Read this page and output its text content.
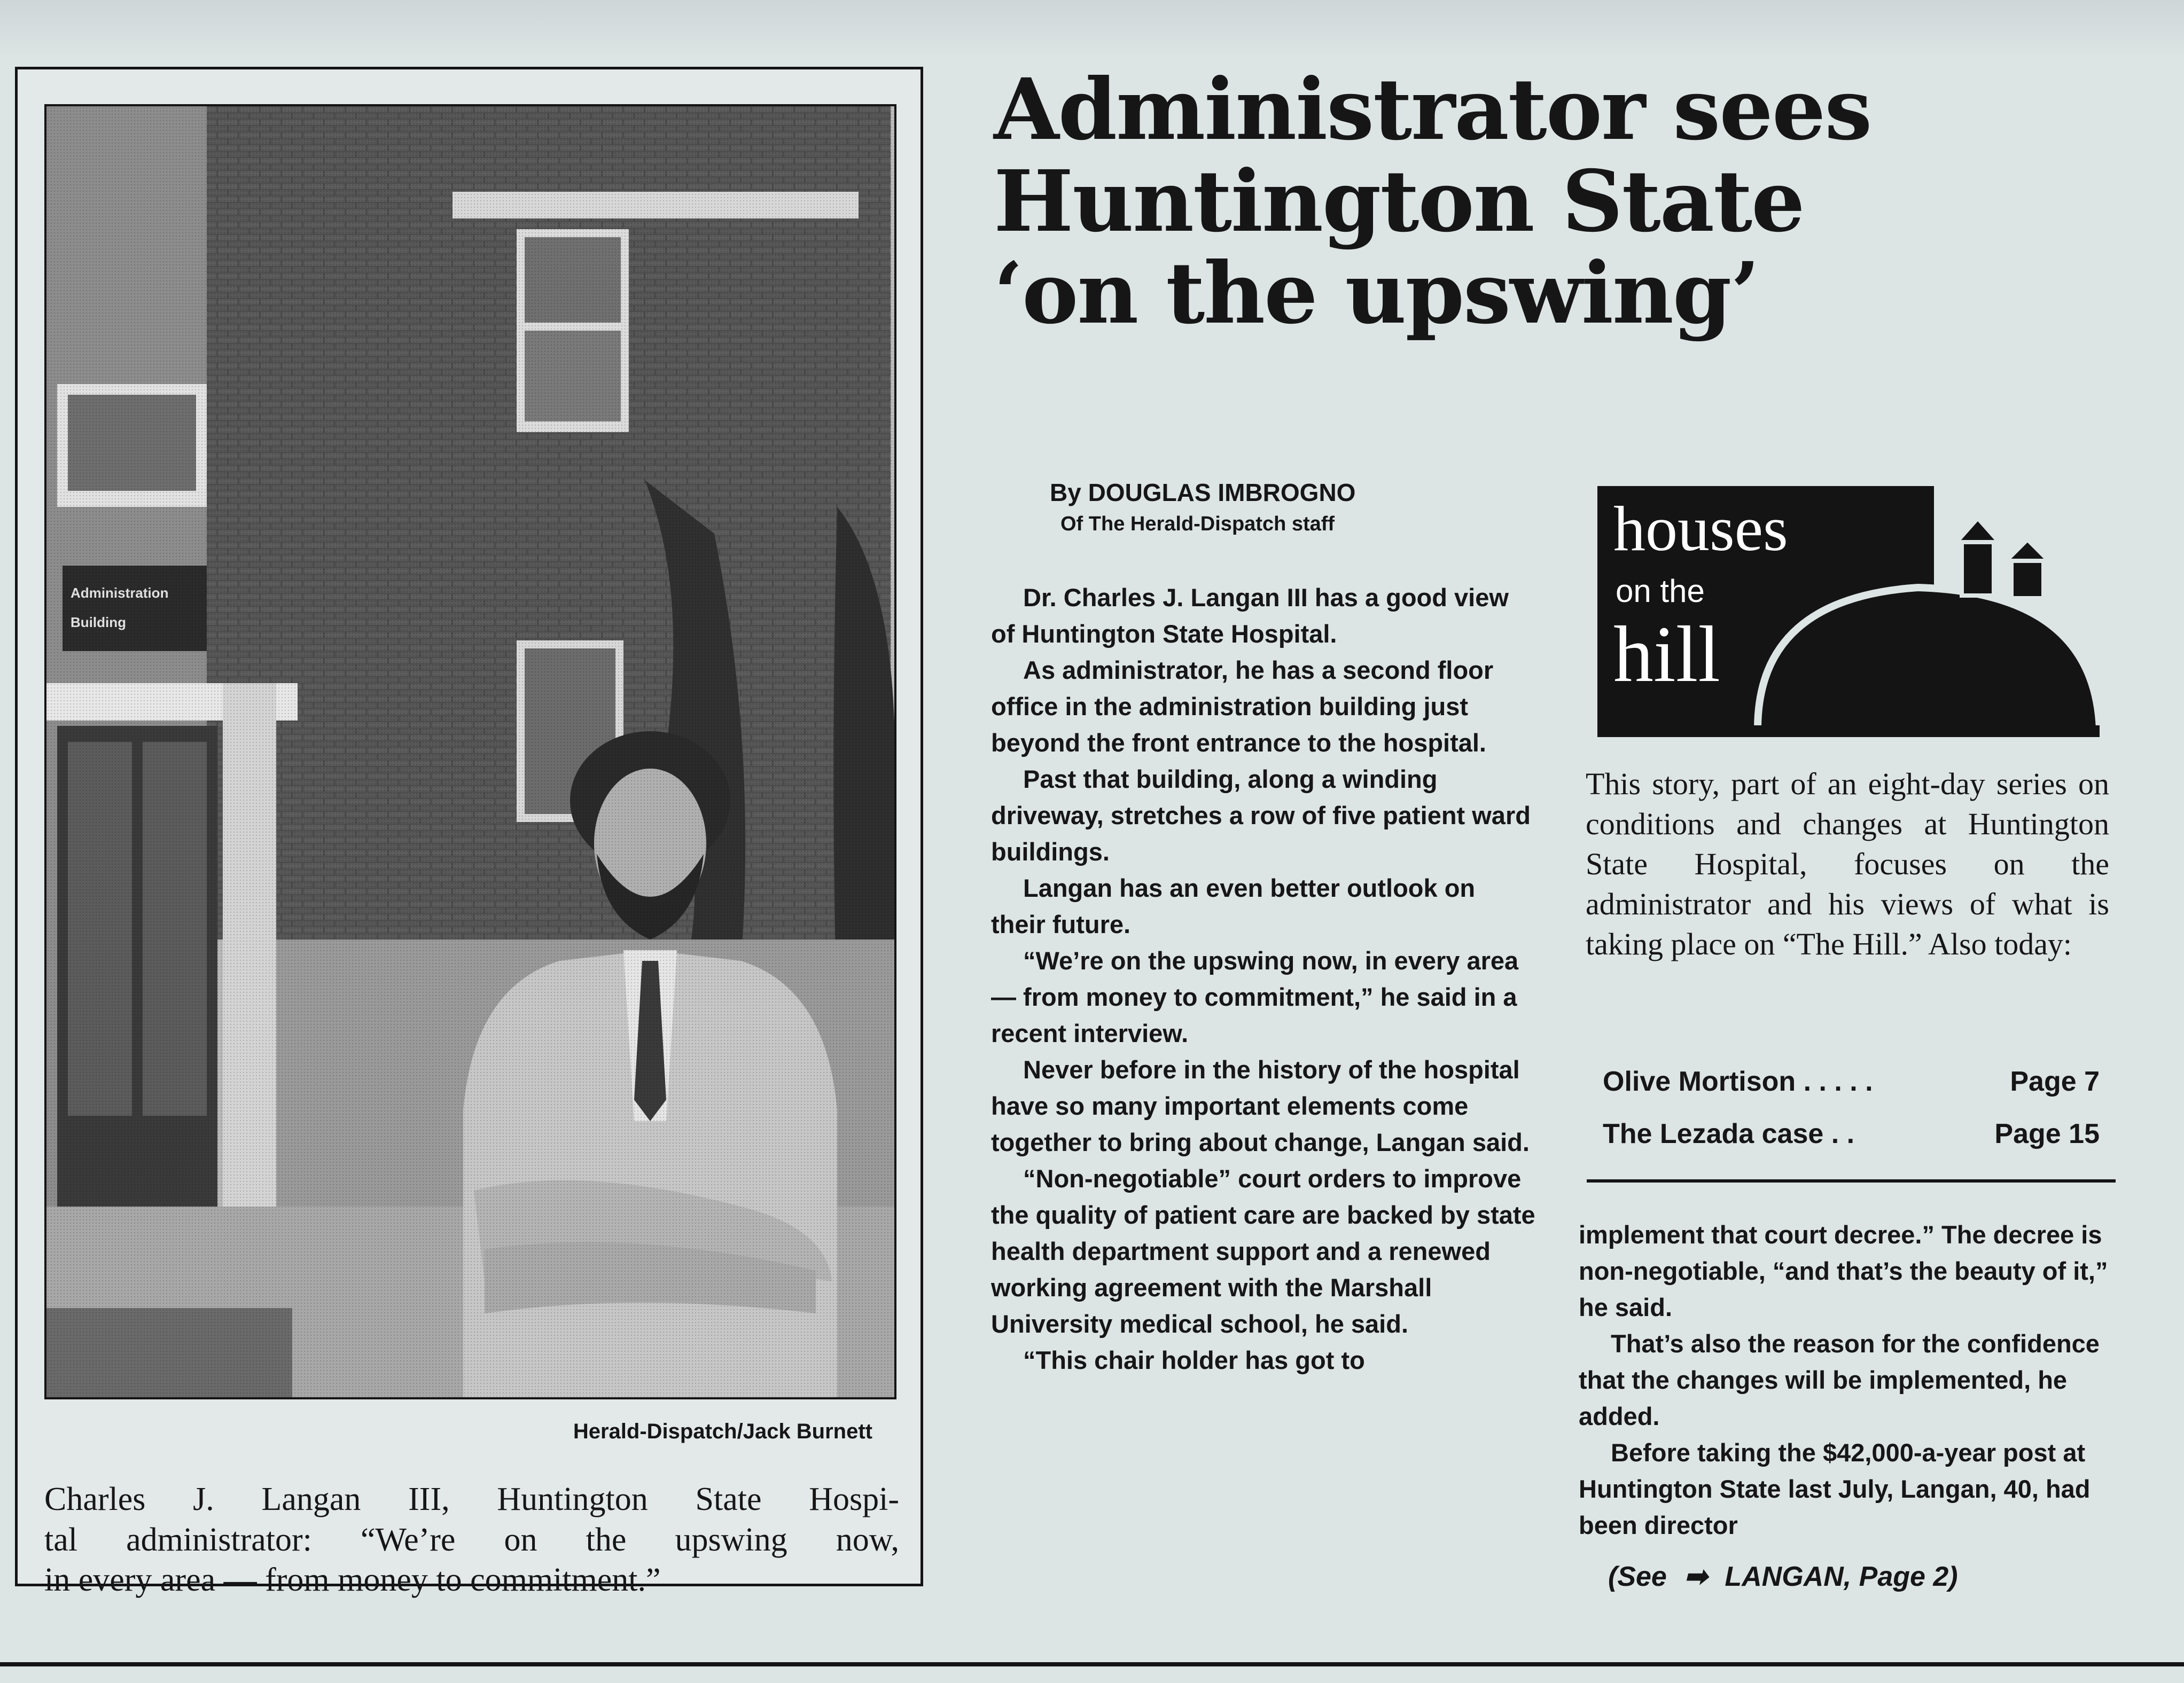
Herald-Dispatch/Jack Burnett
Charles J. Langan III, Huntington State Hospi-
tal administrator: “We’re on the upswing now,
in every area — from money to commitment.”
Administrator sees
Huntington State
‘on the upswing’
By DOUGLAS IMBROGNO
Of The Herald-Dispatch staff

Dr. Charles J. Langan III has a good view of Huntington State Hospital.

As administrator, he has a second floor office in the administration building just beyond the front entrance to the hospital.

Past that building, along a winding driveway, stretches a row of five patient ward buildings.

Langan has an even better outlook on their future.

“We’re on the upswing now, in every area — from money to commitment,” he said in a recent interview.

Never before in the history of the hospital have so many important elements come together to bring about change, Langan said.

“Non-negotiable” court orders to improve the quality of patient care are backed by state health department support and a renewed working agreement with the Marshall University medical school, he said.

“This chair holder has got to

houses
on the
hill
This story, part of an eight-day series on conditions and changes at Huntington State Hospital, focuses on the administrator and his views of what is taking place on “The Hill.” Also today:
Olive Mortison . . . . .	Page 7
The Lezada case . .	Page 15

implement that court decree.” The decree is non-negotiable, “and that’s the beauty of it,” he said.

That’s also the reason for the confidence that the changes will be implemented, he added.

Before taking the $42,000-a-year post at Huntington State last July, Langan, 40, had been director

(See ➡ LANGAN, Page 2)
